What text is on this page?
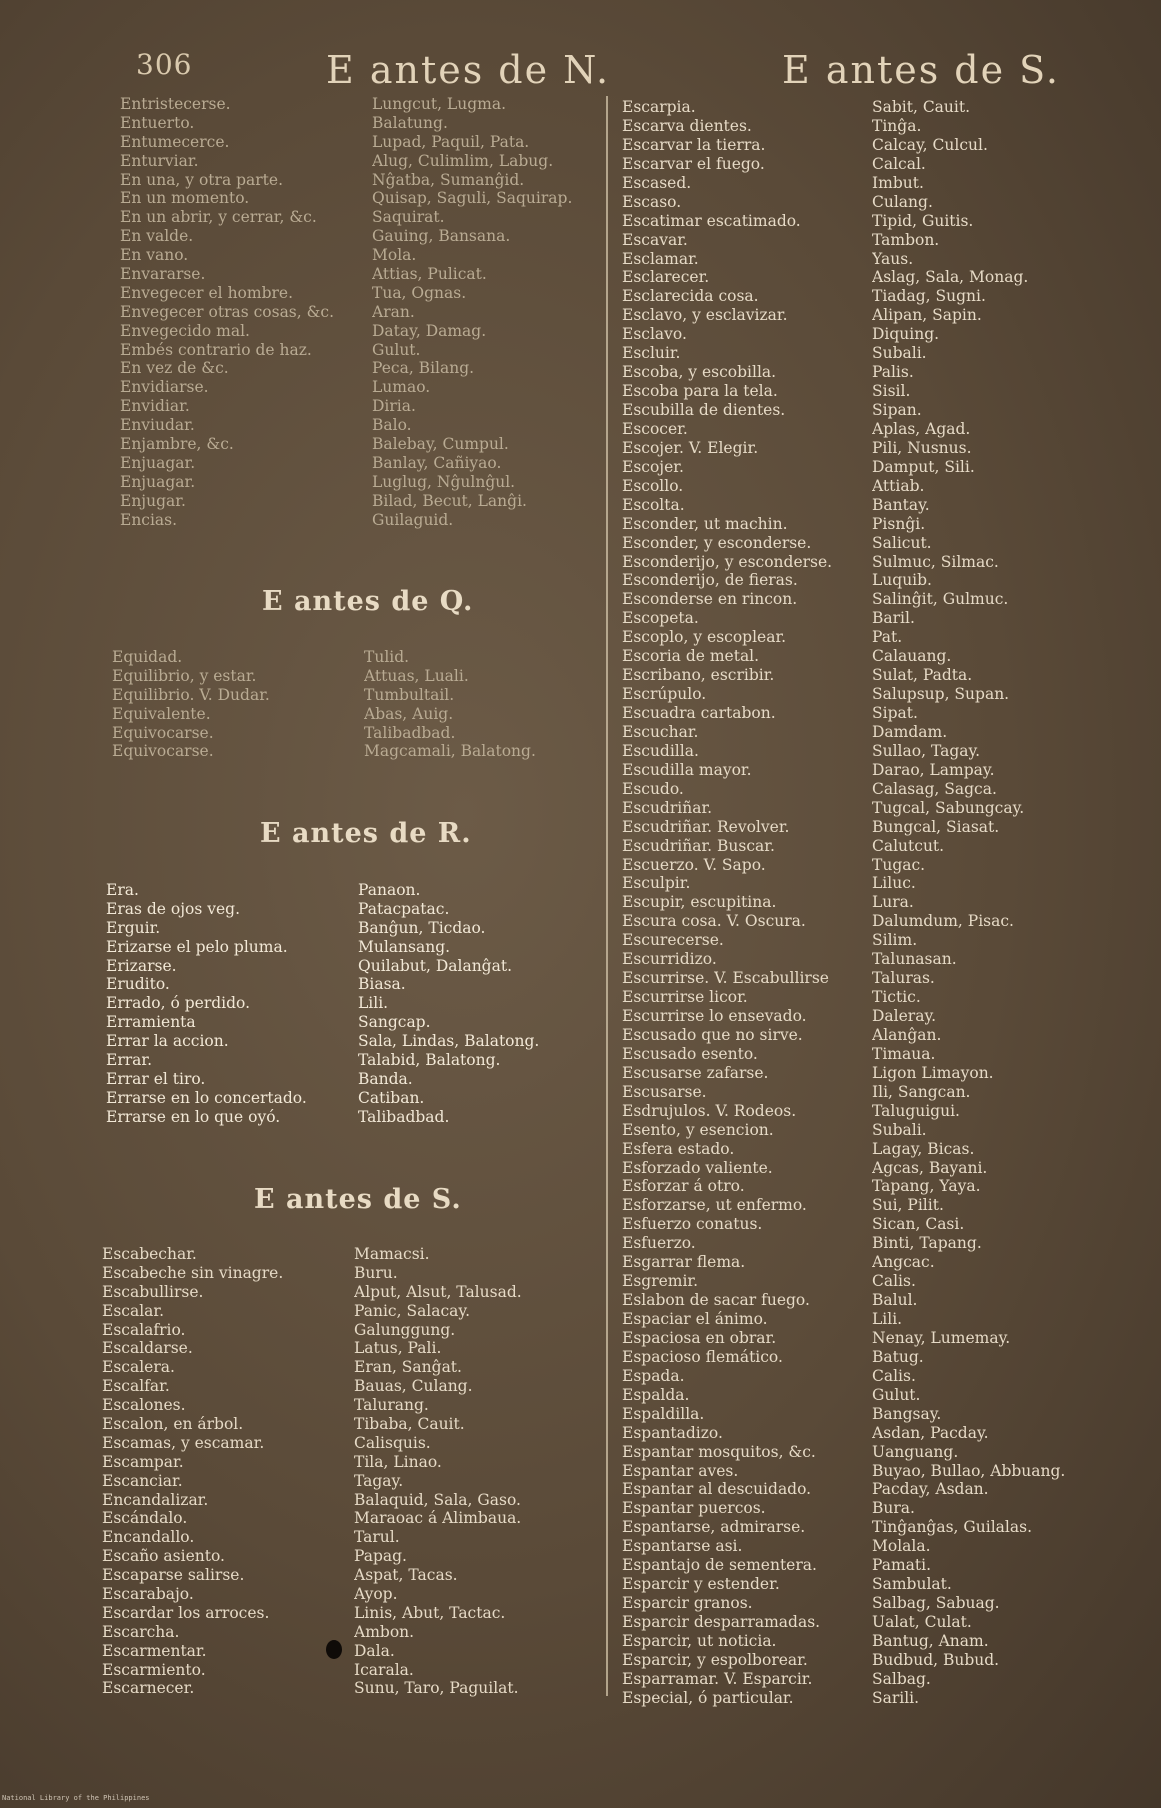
306	E antes de N.	E antes de S.
Entristecerse.	Lungcut, Lugma.
Entuerto.	Balatung.
Entumecerce.	Lupad, Paquil, Pata.
Enturviar.	Alug, Culimlim, Labug.
En una, y otra parte.	Nĝatba, Sumanĝid.
En un momento.	Quisap, Saguli, Saquirap.
En un abrir, y cerrar, &c.	Saquirat.
En valde.	Gauing, Bansana.
En vano.	Mola.
Envararse.	Attias, Pulicat.
Envegecer el hombre.	Tua, Ognas.
Envegecer otras cosas, &c.	Aran.
Envegecido mal.	Datay, Damag.
Embés contrario de haz.	Gulut.
En vez de &c.	Peca, Bilang.
Envidiarse.	Lumao.
Envidiar.	Diria.
Enviudar.	Balo.
Enjambre, &c.	Balebay, Cumpul.
Enjuagar.	Banlay, Cañiyao.
Enjuagar.	Luglug, Nĝulnĝul.
Enjugar.	Bilad, Becut, Lanĝi.
Encias.	Guilaguid.
E antes de Q.
Equidad.	Tulid.
Equilibrio, y estar.	Attuas, Luali.
Equilibrio. V. Dudar.	Tumbultail.
Equivalente.	Abas, Auig.
Equivocarse.	Talibadbad.
Equivocarse.	Magcamali, Balatong.
E antes de R.
Era.	Panaon.
Eras de ojos veg.	Patacpatac.
Erguir.	Banĝun, Ticdao.
Erizarse el pelo pluma.	Mulansang.
Erizarse.	Quilabut, Dalanĝat.
Erudito.	Biasa.
Errado, ó perdido.	Lili.
Erramienta	Sangcap.
Errar la accion.	Sala, Lindas, Balatong.
Errar.	Talabid, Balatong.
Errar el tiro.	Banda.
Errarse en lo concertado.	Catiban.
Errarse en lo que oyó.	Talibadbad.
E antes de S.
Escabechar.	Mamacsi.
Escabeche sin vinagre.	Buru.
Escabullirse.	Alput, Alsut, Talusad.
Escalar.	Panic, Salacay.
Escalafrio.	Galunggung.
Escaldarse.	Latus, Pali.
Escalera.	Eran, Sanĝat.
Escalfar.	Bauas, Culang.
Escalones.	Talurang.
Escalon, en árbol.	Tibaba, Cauit.
Escamas, y escamar.	Calisquis.
Escampar.	Tila, Linao.
Escanciar.	Tagay.
Encandalizar.	Balaquid, Sala, Gaso.
Escándalo.	Maraoac á Alimbaua.
Encandallo.	Tarul.
Escaño asiento.	Papag.
Escaparse salirse.	Aspat, Tacas.
Escarabajo.	Ayop.
Escardar los arroces.	Linis, Abut, Tactac.
Escarcha.	Ambon.
Escarmentar.	Dala.
Escarmiento.	Icarala.
Escarnecer.	Sunu, Taro, Paguilat.
Escarpia.	Sabit, Cauit.
Escarva dientes.	Tinĝa.
Escarvar la tierra.	Calcay, Culcul.
Escarvar el fuego.	Calcal.
Escased.	Imbut.
Escaso.	Culang.
Escatimar escatimado.	Tipid, Guitis.
Escavar.	Tambon.
Esclamar.	Yaus.
Esclarecer.	Aslag, Sala, Monag.
Esclarecida cosa.	Tiadag, Sugni.
Esclavo, y esclavizar.	Alipan, Sapin.
Esclavo.	Diquing.
Escluir.	Subali.
Escoba, y escobilla.	Palis.
Escoba para la tela.	Sisil.
Escubilla de dientes.	Sipan.
Escocer.	Aplas, Agad.
Escojer. V. Elegir.	Pili, Nusnus.
Escojer.	Damput, Sili.
Escollo.	Attiab.
Escolta.	Bantay.
Esconder, ut machin.	Pisnĝi.
Esconder, y esconderse.	Salicut.
Esconderijo, y esconderse.	Sulmuc, Silmac.
Esconderijo, de fieras.	Luquib.
Esconderse en rincon.	Salinĝit, Gulmuc.
Escopeta.	Baril.
Escoplo, y escoplear.	Pat.
Escoria de metal.	Calauang.
Escribano, escribir.	Sulat, Padta.
Escrúpulo.	Salupsup, Supan.
Escuadra cartabon.	Sipat.
Escuchar.	Damdam.
Escudilla.	Sullao, Tagay.
Escudilla mayor.	Darao, Lampay.
Escudo.	Calasag, Sagca.
Escudriñar.	Tugcal, Sabungcay.
Escudriñar. Revolver.	Bungcal, Siasat.
Escudriñar. Buscar.	Calutcut.
Escuerzo. V. Sapo.	Tugac.
Esculpir.	Liluc.
Escupir, escupitina.	Lura.
Escura cosa. V. Oscura.	Dalumdum, Pisac.
Escurecerse.	Silim.
Escurridizo.	Talunasan.
Escurrirse. V. Escabullirse	Taluras.
Escurrirse licor.	Tictic.
Escurrirse lo ensevado.	Daleray.
Escusado que no sirve.	Alanĝan.
Escusado esento.	Timaua.
Escusarse zafarse.	Ligon Limayon.
Escusarse.	Ili, Sangcan.
Esdrujulos. V. Rodeos.	Taluguigui.
Esento, y esencion.	Subali.
Esfera estado.	Lagay, Bicas.
Esforzado valiente.	Agcas, Bayani.
Esforzar á otro.	Tapang, Yaya.
Esforzarse, ut enfermo.	Sui, Pilit.
Esfuerzo conatus.	Sican, Casi.
Esfuerzo.	Binti, Tapang.
Esgarrar flema.	Angcac.
Esgremir.	Calis.
Eslabon de sacar fuego.	Balul.
Espaciar el ánimo.	Lili.
Espaciosa en obrar.	Nenay, Lumemay.
Espacioso flemático.	Batug.
Espada.	Calis.
Espalda.	Gulut.
Espaldilla.	Bangsay.
Espantadizo.	Asdan, Pacday.
Espantar mosquitos, &c.	Uanguang.
Espantar aves.	Buyao, Bullao, Abbuang.
Espantar al descuidado.	Pacday, Asdan.
Espantar puercos.	Bura.
Espantarse, admirarse.	Tinĝanĝas, Guilalas.
Espantarse asi.	Molala.
Espantajo de sementera.	Pamati.
Esparcir y estender.	Sambulat.
Esparcir granos.	Salbag, Sabuag.
Esparcir desparramadas.	Ualat, Culat.
Esparcir, ut noticia.	Bantug, Anam.
Esparcir, y espolborear.	Budbud, Bubud.
Esparramar. V. Esparcir.	Salbag.
Especial, ó particular.	Sarili.
National Library of the Philippines
